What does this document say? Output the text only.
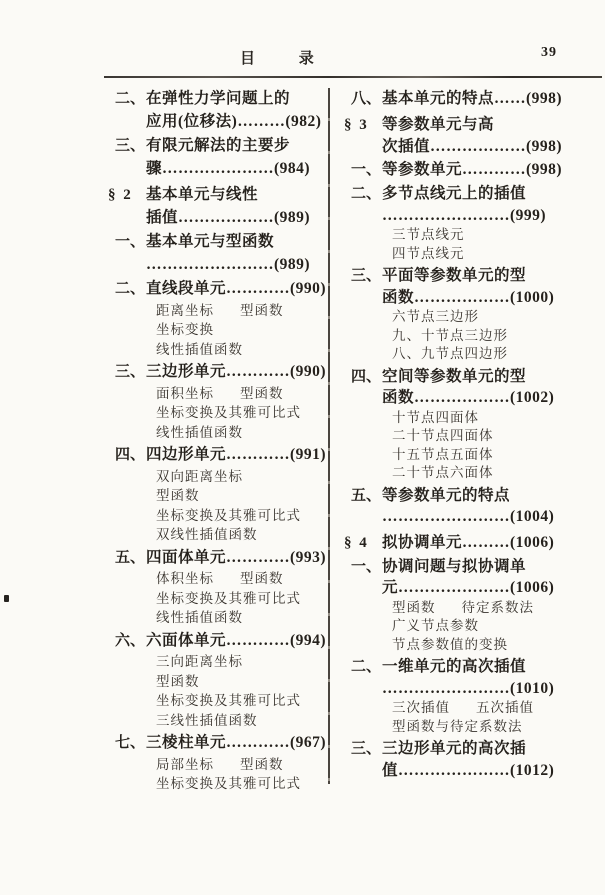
目 录	39
二、 在弹性力学问题上的
应用(位移法)………(982)
三、 有限元解法的主要步
骤…………………(984)
§ 2 基本单元与线性
插值………………(989)
一、 基本单元与型函数
……………………(989)
二、 直线段单元…………(990)
距离坐标 型函数
坐标变换
线性插值函数
三、 三边形单元…………(990)
面积坐标 型函数
坐标变换及其雅可比式
线性插值函数
四、 四边形单元…………(991)
双向距离坐标
型函数
坐标变换及其雅可比式
双线性插值函数
五、 四面体单元…………(993)
体积坐标 型函数
坐标变换及其雅可比式
线性插值函数
六、 六面体单元…………(994)
三向距离坐标
型函数
坐标变换及其雅可比式
三线性插值函数
七、 三棱柱单元…………(967)
局部坐标 型函数
坐标变换及其雅可比式
八、 基本单元的特点……(998)
§ 3 等参数单元与高
次插值………………(998)
一、 等参数单元…………(998)
二、 多节点线元上的插值
……………………(999)
三节点线元
四节点线元
三、 平面等参数单元的型
函数………………(1000)
六节点三边形
九、十节点三边形
八、九节点四边形
四、 空间等参数单元的型
函数………………(1002)
十节点四面体
二十节点四面体
十五节点五面体
二十节点六面体
五、 等参数单元的特点
……………………(1004)
§ 4 拟协调单元………(1006)
一、 协调问题与拟协调单
元…………………(1006)
型函数 待定系数法
广义节点参数
节点参数值的变换
二、 一维单元的高次插值
……………………(1010)
三次插值 五次插值
型函数与待定系数法
三、 三边形单元的高次插
值…………………(1012)
